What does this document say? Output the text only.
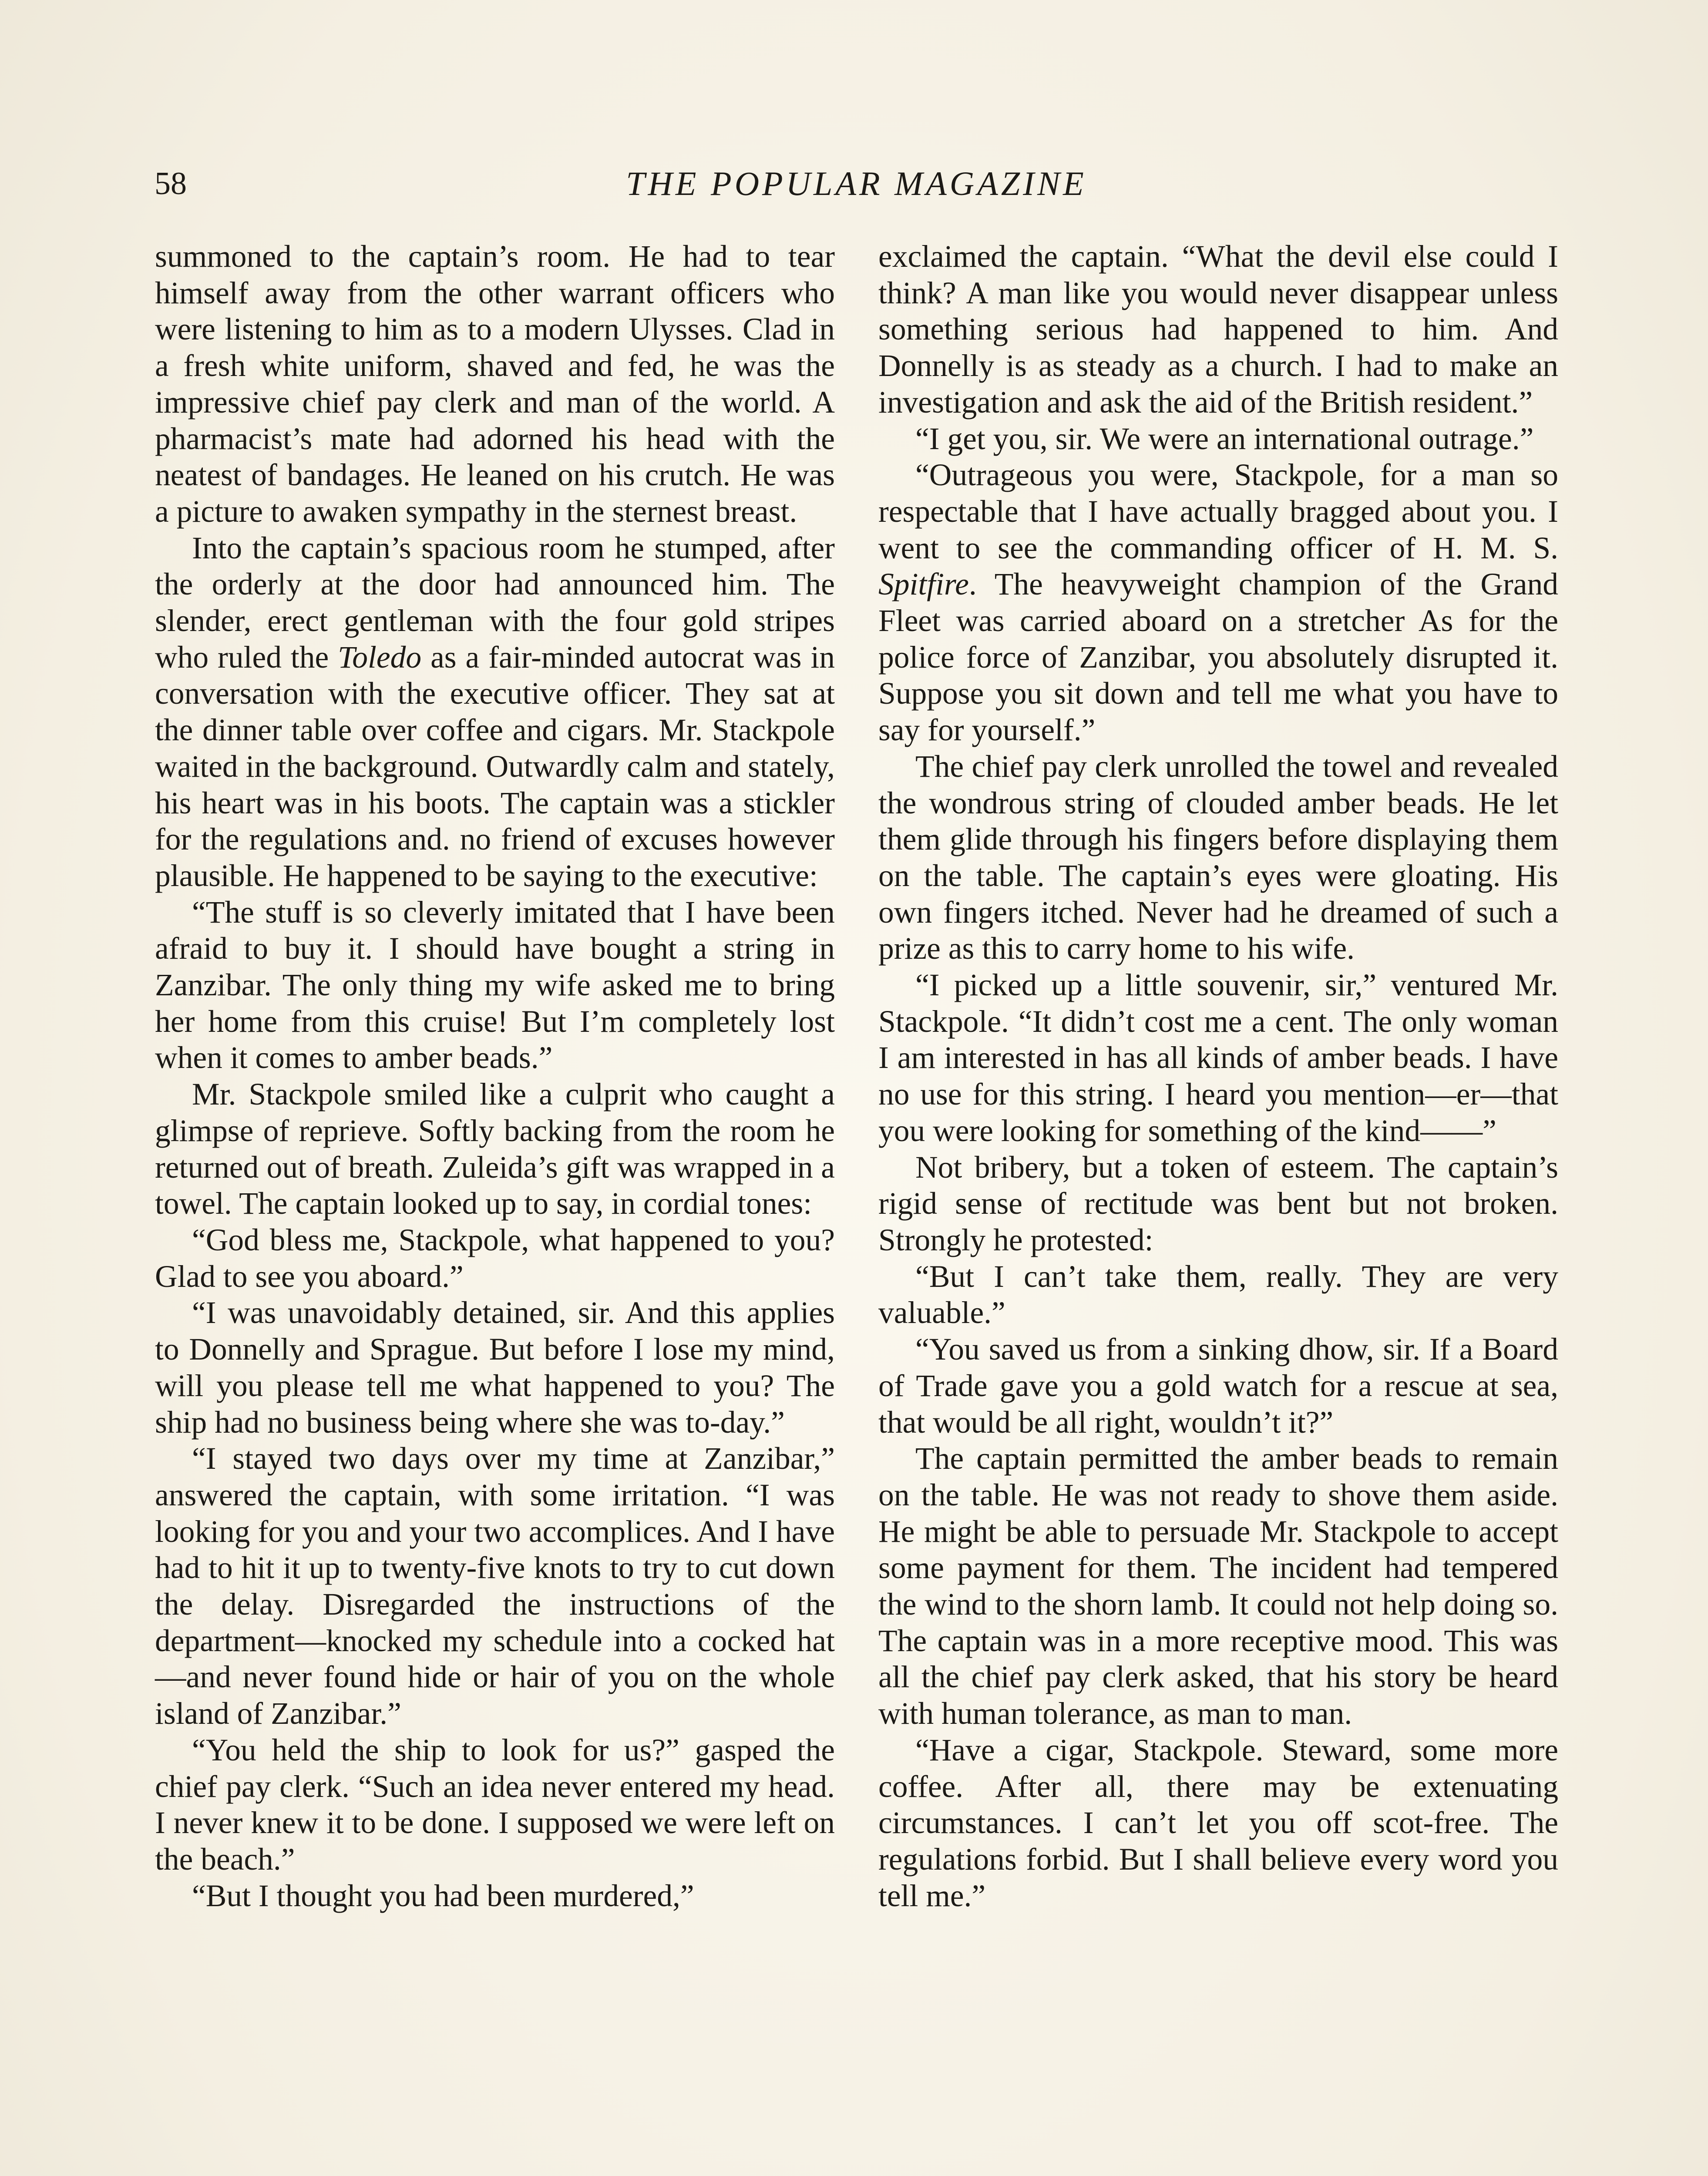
58	THE POPULAR MAGAZINE

summoned to the captain’s room. He had to tear himself away from the other warrant officers who were listening to him as to a modern Ulysses. Clad in a fresh white uniform, shaved and fed, he was the impressive chief pay clerk and man of the world. A pharmacist’s mate had adorned his head with the neatest of bandages. He leaned on his crutch. He was a picture to awaken sympathy in the sternest breast.

Into the captain’s spacious room he stumped, after the orderly at the door had announced him. The slender, erect gentleman with the four gold stripes who ruled the Toledo as a fair-minded autocrat was in conversation with the executive officer. They sat at the dinner table over coffee and cigars. Mr. Stackpole waited in the background. Outwardly calm and stately, his heart was in his boots. The captain was a stickler for the regulations and. no friend of excuses however plausible. He happened to be saying to the executive:

“The stuff is so cleverly imitated that I have been afraid to buy it. I should have bought a string in Zanzibar. The only thing my wife asked me to bring her home from this cruise! But I’m completely lost when it comes to amber beads.”

Mr. Stackpole smiled like a culprit who caught a glimpse of reprieve. Softly backing from the room he returned out of breath. Zuleida’s gift was wrapped in a towel. The captain looked up to say, in cordial tones:

“God bless me, Stackpole, what happened to you? Glad to see you aboard.”

“I was unavoidably detained, sir. And this applies to Donnelly and Sprague. But before I lose my mind, will you please tell me what happened to you? The ship had no business being where she was to-day.”

“I stayed two days over my time at Zanzibar,” answered the captain, with some irritation. “I was looking for you and your two accomplices. And I have had to hit it up to twenty-five knots to try to cut down the delay. Disregarded the instructions of the department—knocked my schedule into a cocked hat—and never found hide or hair of you on the whole island of Zanzibar.”

“You held the ship to look for us?” gasped the chief pay clerk. “Such an idea never entered my head. I never knew it to be done. I supposed we were left on the beach.”

“But I thought you had been murdered,”

exclaimed the captain. “What the devil else could I think? A man like you would never disappear unless something serious had happened to him. And Donnelly is as steady as a church. I had to make an investigation and ask the aid of the British resident.”

“I get you, sir. We were an international outrage.”

“Outrageous you were, Stackpole, for a man so respectable that I have actually bragged about you. I went to see the commanding officer of H. M. S. Spitfire. The heavyweight champion of the Grand Fleet was carried aboard on a stretcher As for the police force of Zanzibar, you absolutely disrupted it. Suppose you sit down and tell me what you have to say for yourself.”

The chief pay clerk unrolled the towel and revealed the wondrous string of clouded amber beads. He let them glide through his fingers before displaying them on the table. The captain’s eyes were gloating. His own fingers itched. Never had he dreamed of such a prize as this to carry home to his wife.

“I picked up a little souvenir, sir,” ventured Mr. Stackpole. “It didn’t cost me a cent. The only woman I am interested in has all kinds of amber beads. I have no use for this string. I heard you mention—er—that you were looking for something of the kind——”

Not bribery, but a token of esteem. The captain’s rigid sense of rectitude was bent but not broken. Strongly he protested:

“But I can’t take them, really. They are very valuable.”

“You saved us from a sinking dhow, sir. If a Board of Trade gave you a gold watch for a rescue at sea, that would be all right, wouldn’t it?”

The captain permitted the amber beads to remain on the table. He was not ready to shove them aside. He might be able to persuade Mr. Stackpole to accept some payment for them. The incident had tempered the wind to the shorn lamb. It could not help doing so. The captain was in a more receptive mood. This was all the chief pay clerk asked, that his story be heard with human tolerance, as man to man.

“Have a cigar, Stackpole. Steward, some more coffee. After all, there may be extenuating circumstances. I can’t let you off scot-free. The regulations forbid. But I shall believe every word you tell me.”
